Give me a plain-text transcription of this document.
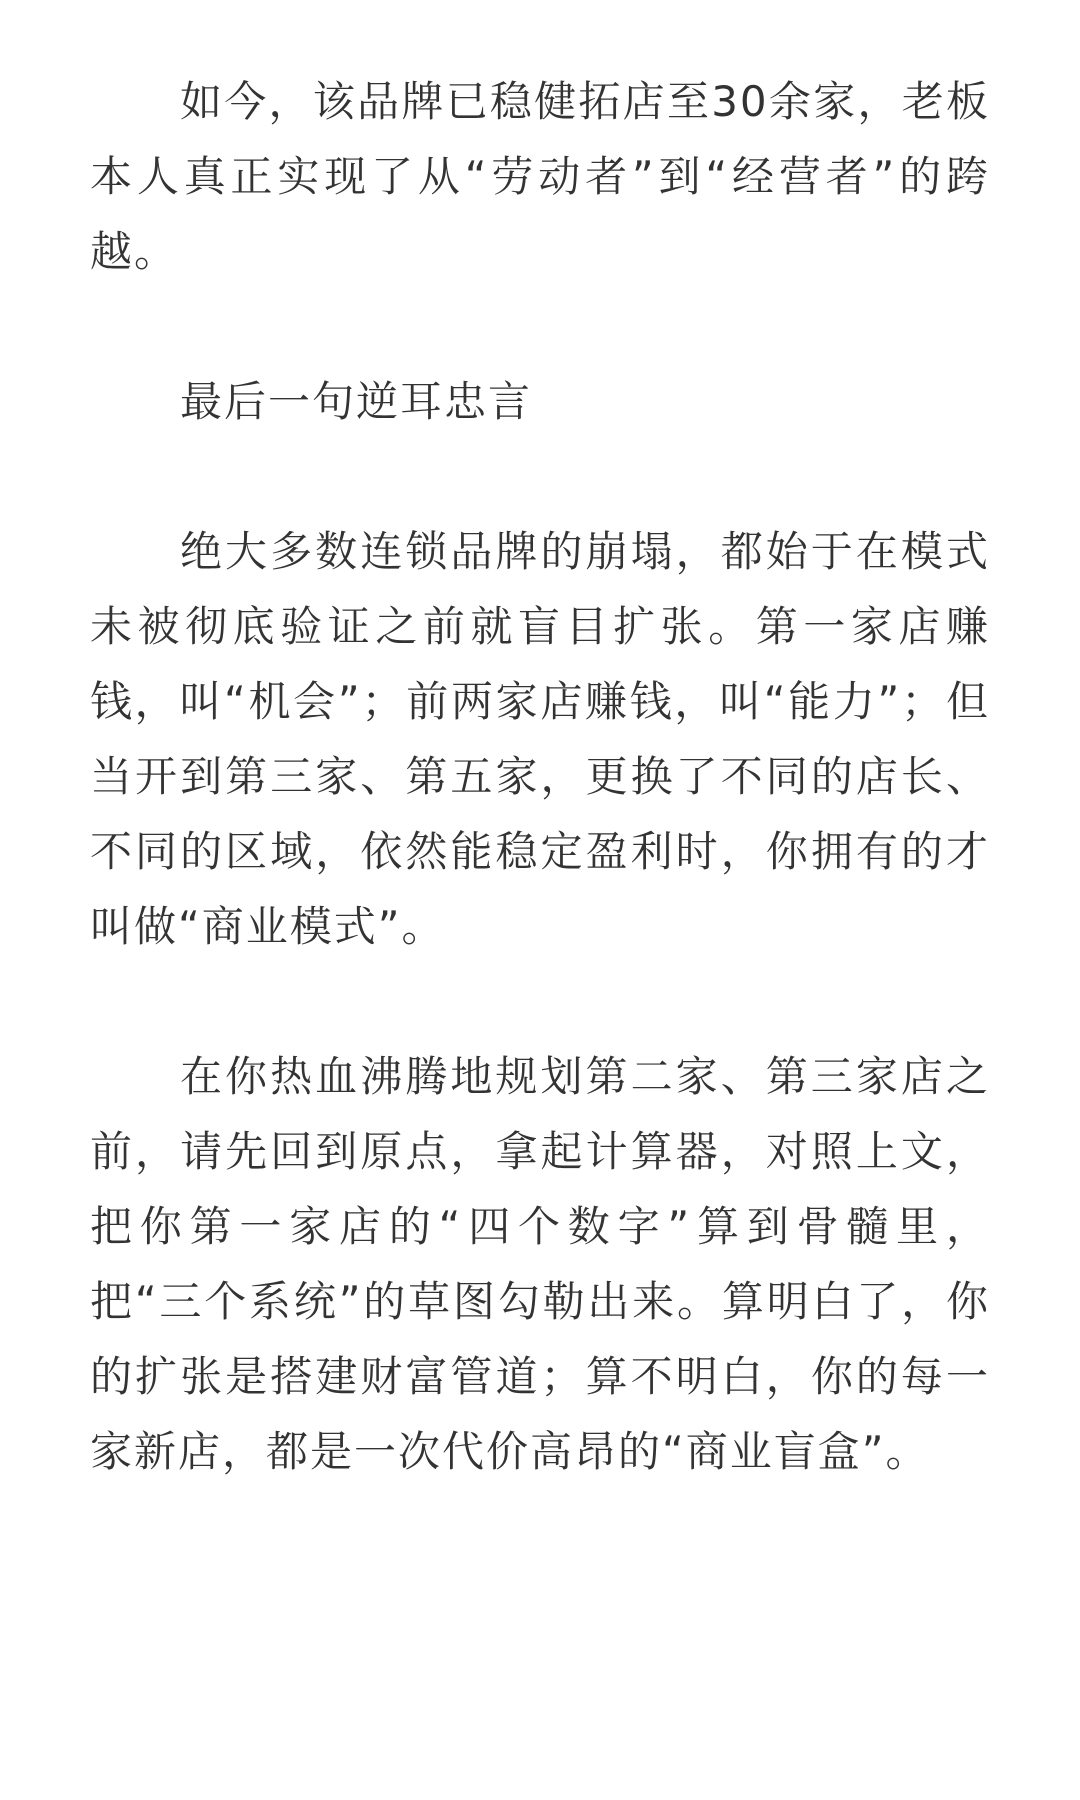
如今，该品牌已稳健拓店至30余家，老板本人真正实现了从“劳动者”到“经营者”的跨越。

最后一句逆耳忠言

绝大多数连锁品牌的崩塌，都始于在模式未被彻底验证之前就盲目扩张。第一家店赚钱，叫“机会”；前两家店赚钱，叫“能力”；但当开到第三家、第五家，更换了不同的店长、不同的区域，依然能稳定盈利时，你拥有的才叫做“商业模式”。

在你热血沸腾地规划第二家、第三家店之前，请先回到原点，拿起计算器，对照上文，把你第一家店的“四个数字”算到骨髓里，把“三个系统”的草图勾勒出来。算明白了，你的扩张是搭建财富管道；算不明白，你的每一家新店，都是一次代价高昂的“商业盲盒”。
